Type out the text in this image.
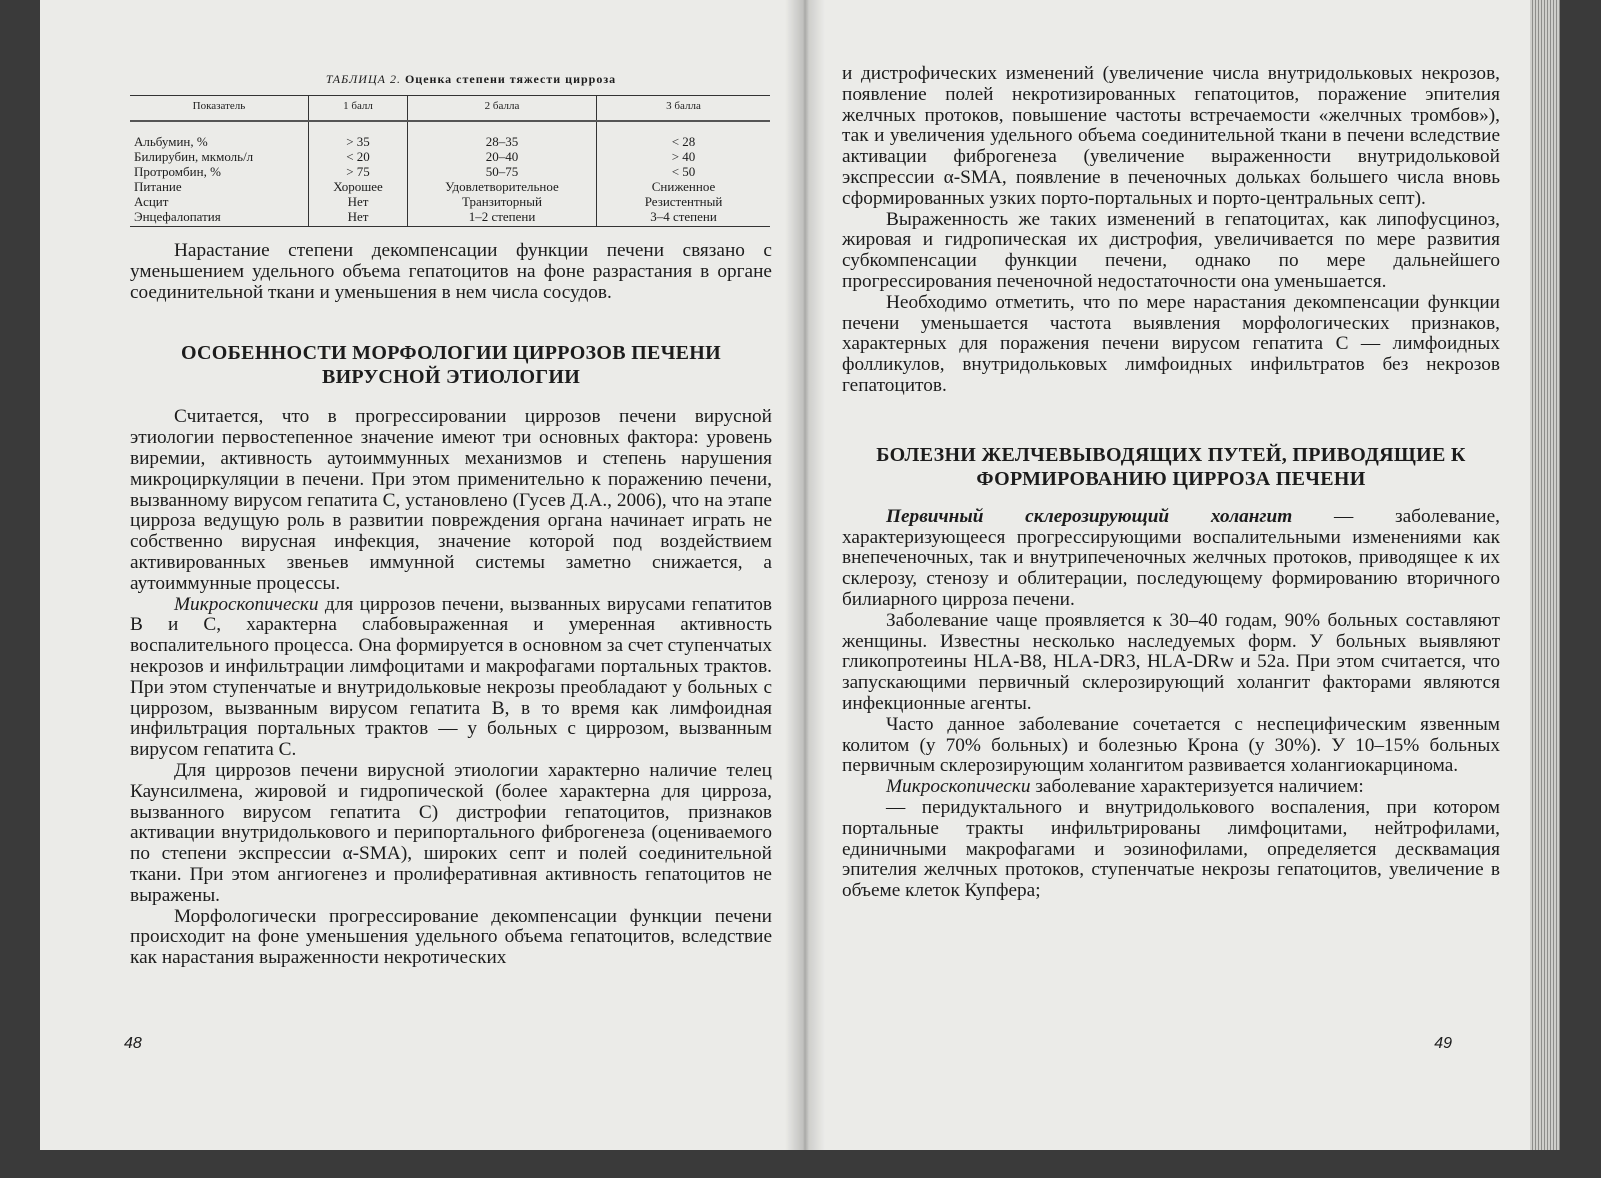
ТАБЛИЦА 2. Оценка степени тяжести цирроза
Показатель	1 балл	2 балла	3 балла
Альбумин, %	> 35	28–35	< 28
Билирубин, мкмоль/л	< 20	20–40	> 40
Протромбин, %	> 75	50–75	< 50
Питание	Хорошее	Удовлетворительное	Сниженное
Асцит	Нет	Транзиторный	Резистентный
Энцефалопатия	Нет	1–2 степени	3–4 степени

Нарастание степени декомпенсации функции печени связано с уменьшением удельного объема гепатоцитов на фоне разрастания в органе соединительной ткани и уменьшения в нем числа сосудов.

ОСОБЕННОСТИ МОРФОЛОГИИ ЦИРРОЗОВ ПЕЧЕНИ ВИРУСНОЙ ЭТИОЛОГИИ

Считается, что в прогрессировании циррозов печени вирусной этиологии первостепенное значение имеют три основных фактора: уровень виремии, активность аутоиммунных механизмов и степень нарушения микроциркуляции в печени. При этом применительно к поражению печени, вызванному вирусом гепатита С, установлено (Гусев Д.А., 2006), что на этапе цирроза ведущую роль в развитии повреждения органа начинает играть не собственно вирусная инфекция, значение которой под воздействием активированных звеньев иммунной системы заметно снижается, а аутоиммунные процессы.

Микроскопически для циррозов печени, вызванных вирусами гепатитов В и С, характерна слабовыраженная и умеренная активность воспалительного процесса. Она формируется в основном за счет ступенчатых некрозов и инфильтрации лимфоцитами и макрофагами портальных трактов. При этом ступенчатые и внутридольковые некрозы преобладают у больных с циррозом, вызванным вирусом гепатита В, в то время как лимфоидная инфильтрация портальных трактов — у больных с циррозом, вызванным вирусом гепатита С.

Для циррозов печени вирусной этиологии характерно наличие телец Каунсилмена, жировой и гидропической (более характерна для цирроза, вызванного вирусом гепатита С) дистрофии гепатоцитов, признаков активации внутридолькового и перипортального фиброгенеза (оцениваемого по степени экспрессии α-SMA), широких септ и полей соединительной ткани. При этом ангиогенез и пролиферативная активность гепатоцитов не выражены.

Морфологически прогрессирование декомпенсации функции печени происходит на фоне уменьшения удельного объема гепатоцитов, вследствие как нарастания выраженности некротических

48

и дистрофических изменений (увеличение числа внутридольковых некрозов, появление полей некротизированных гепатоцитов, поражение эпителия желчных протоков, повышение частоты встречаемости «желчных тромбов»), так и увеличения удельного объема соединительной ткани в печени вследствие активации фиброгенеза (увеличение выраженности внутридольковой экспрессии α-SMA, появление в печеночных дольках большего числа вновь сформированных узких порто-портальных и порто-центральных септ).

Выраженность же таких изменений в гепатоцитах, как липофусциноз, жировая и гидропическая их дистрофия, увеличивается по мере развития субкомпенсации функции печени, однако по мере дальнейшего прогрессирования печеночной недостаточности она уменьшается.

Необходимо отметить, что по мере нарастания декомпенсации функции печени уменьшается частота выявления морфологических признаков, характерных для поражения печени вирусом гепатита С — лимфоидных фолликулов, внутридольковых лимфоидных инфильтратов без некрозов гепатоцитов.

БОЛЕЗНИ ЖЕЛЧЕВЫВОДЯЩИХ ПУТЕЙ, ПРИВОДЯЩИЕ К ФОРМИРОВАНИЮ ЦИРРОЗА ПЕЧЕНИ

Первичный склерозирующий холангит — заболевание, характеризующееся прогрессирующими воспалительными изменениями как внепеченочных, так и внутрипеченочных желчных протоков, приводящее к их склерозу, стенозу и облитерации, последующему формированию вторичного билиарного цирроза печени.

Заболевание чаще проявляется к 30–40 годам, 90% больных составляют женщины. Известны несколько наследуемых форм. У больных выявляют гликопротеины HLA-B8, HLA-DR3, HLA-DRw и 52а. При этом считается, что запускающими первичный склерозирующий холангит факторами являются инфекционные агенты.

Часто данное заболевание сочетается с неспецифическим язвенным колитом (у 70% больных) и болезнью Крона (у 30%). У 10–15% больных первичным склерозирующим холангитом развивается холангиокарцинома.

Микроскопически заболевание характеризуется наличием:

— перидуктального и внутридолькового воспаления, при котором портальные тракты инфильтрированы лимфоцитами, нейтрофилами, единичными макрофагами и эозинофилами, определяется десквамация эпителия желчных протоков, ступенчатые некрозы гепатоцитов, увеличение в объеме клеток Купфера;

49
